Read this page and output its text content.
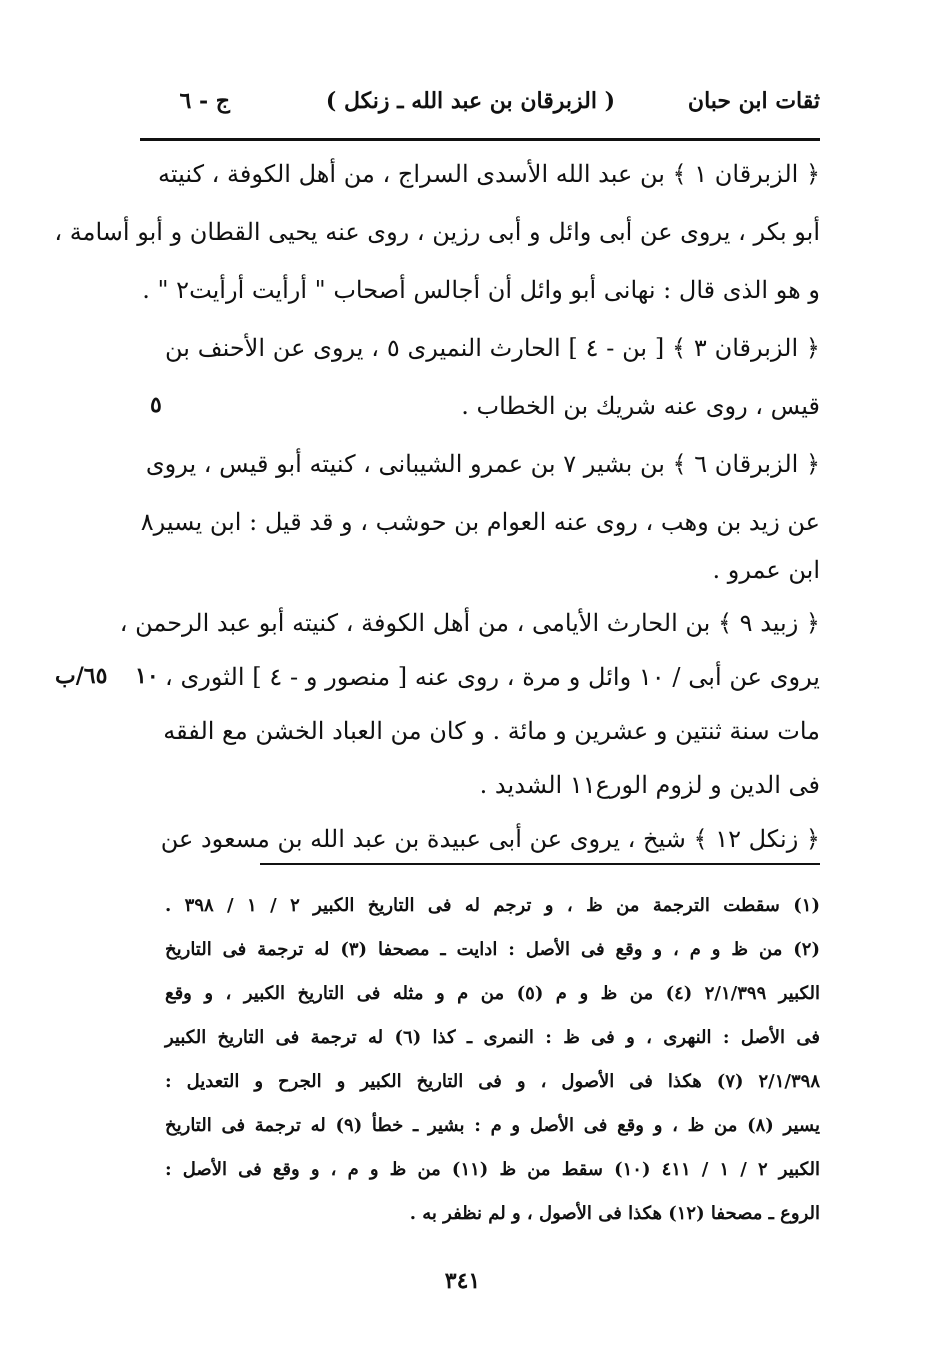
ثقات ابن حبان
( الزبرقان بن عبد الله ـ زنكل )
ج - ٦
﴿ الزبرقان ١ ﴾ بن عبد الله الأسدى السراج ، من أهل الكوفة ، كنيته
أبو بكر ، يروى عن أبى وائل و أبى رزين ، روى عنه يحيى القطان و أبو أسامة ،
و هو الذى قال : نهانى أبو وائل أن أجالس أصحاب " أرأيت أرأيت٢ " .
﴿ الزبرقان ٣ ﴾ [ بن - ٤ ] الحارث النميرى ٥ ، يروى عن الأحنف بن
قيس ، روى عنه شريك بن الخطاب .
﴿ الزبرقان ٦ ﴾ بن بشير ٧ بن عمرو الشيبانى ، كنيته أبو قيس ، يروى
عن زيد بن وهب ، روى عنه العوام بن حوشب ، و قد قيل : ابن يسير٨
ابن عمرو .
﴿ زبيد ٩ ﴾ بن الحارث الأيامى ، من أهل الكوفة ، كنيته أبو عبد الرحمن ،
يروى عن أبى / ١٠ وائل و مرة ، روى عنه [ منصور و - ٤ ] الثورى ،
مات سنة ثنتين و عشرين و مائة . و كان من العباد الخشن مع الفقه
فى الدين و لزوم الورع١١ الشديد .
﴿ زنكل ١٢ ﴾ شيخ ، يروى عن أبى عبيدة بن عبد الله بن مسعود عن
٥
١٠
٦٥/ب
(١) سقطت الترجمة من ظ ، و ترجم له فى التاريخ الكبير ٢ / ١ / ٣٩٨ .
(٢) من ظ و م ، و وقع فى الأصل : ادايت ـ مصحفا (٣) له ترجمة فى التاريخ
الكبير ٢/١/٣٩٩ (٤) من ظ و م (٥) من م و مثله فى التاريخ الكبير ، و وقع
فى الأصل : النهرى ، و فى ظ : النمرى ـ كذا (٦) له ترجمة فى التاريخ الكبير
٢/١/٣٩٨ (٧) هكذا فى الأصول ، و فى التاريخ الكبير و الجرح و التعديل :
يسير (٨) من ظ ، و وقع فى الأصل و م : بشير ـ خطأ (٩) له ترجمة فى التاريخ
الكبير ٢ / ١ / ٤١١ (١٠) سقط من ظ (١١) من ظ و م ، و وقع فى الأصل :
الروع ـ مصحفا (١٢) هكذا فى الأصول ، و لم نظفر به .
٣٤١
